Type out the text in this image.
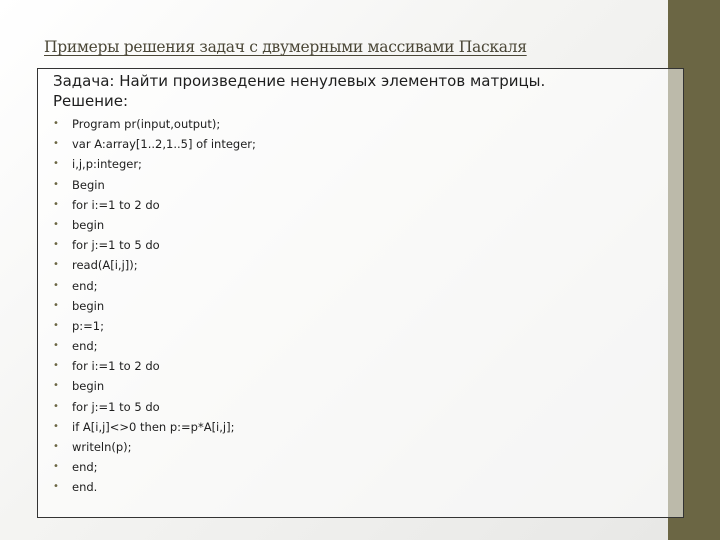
Примеры решения задач с двумерными массивами Паскаля
Задача: Найти произведение ненулевых элементов матрицы.
Решение:
• Program pr(input,output);
• var A:array[1..2,1..5] of integer;
• i,j,p:integer;
• Begin
• for i:=1 to 2 do
• begin
• for j:=1 to 5 do
• read(A[i,j]);
• end;
• begin
• p:=1;
• end;
• for i:=1 to 2 do
• begin
• for j:=1 to 5 do
• if A[i,j]<>0 then p:=p*A[i,j];
• writeln(p);
• end;
• end.
